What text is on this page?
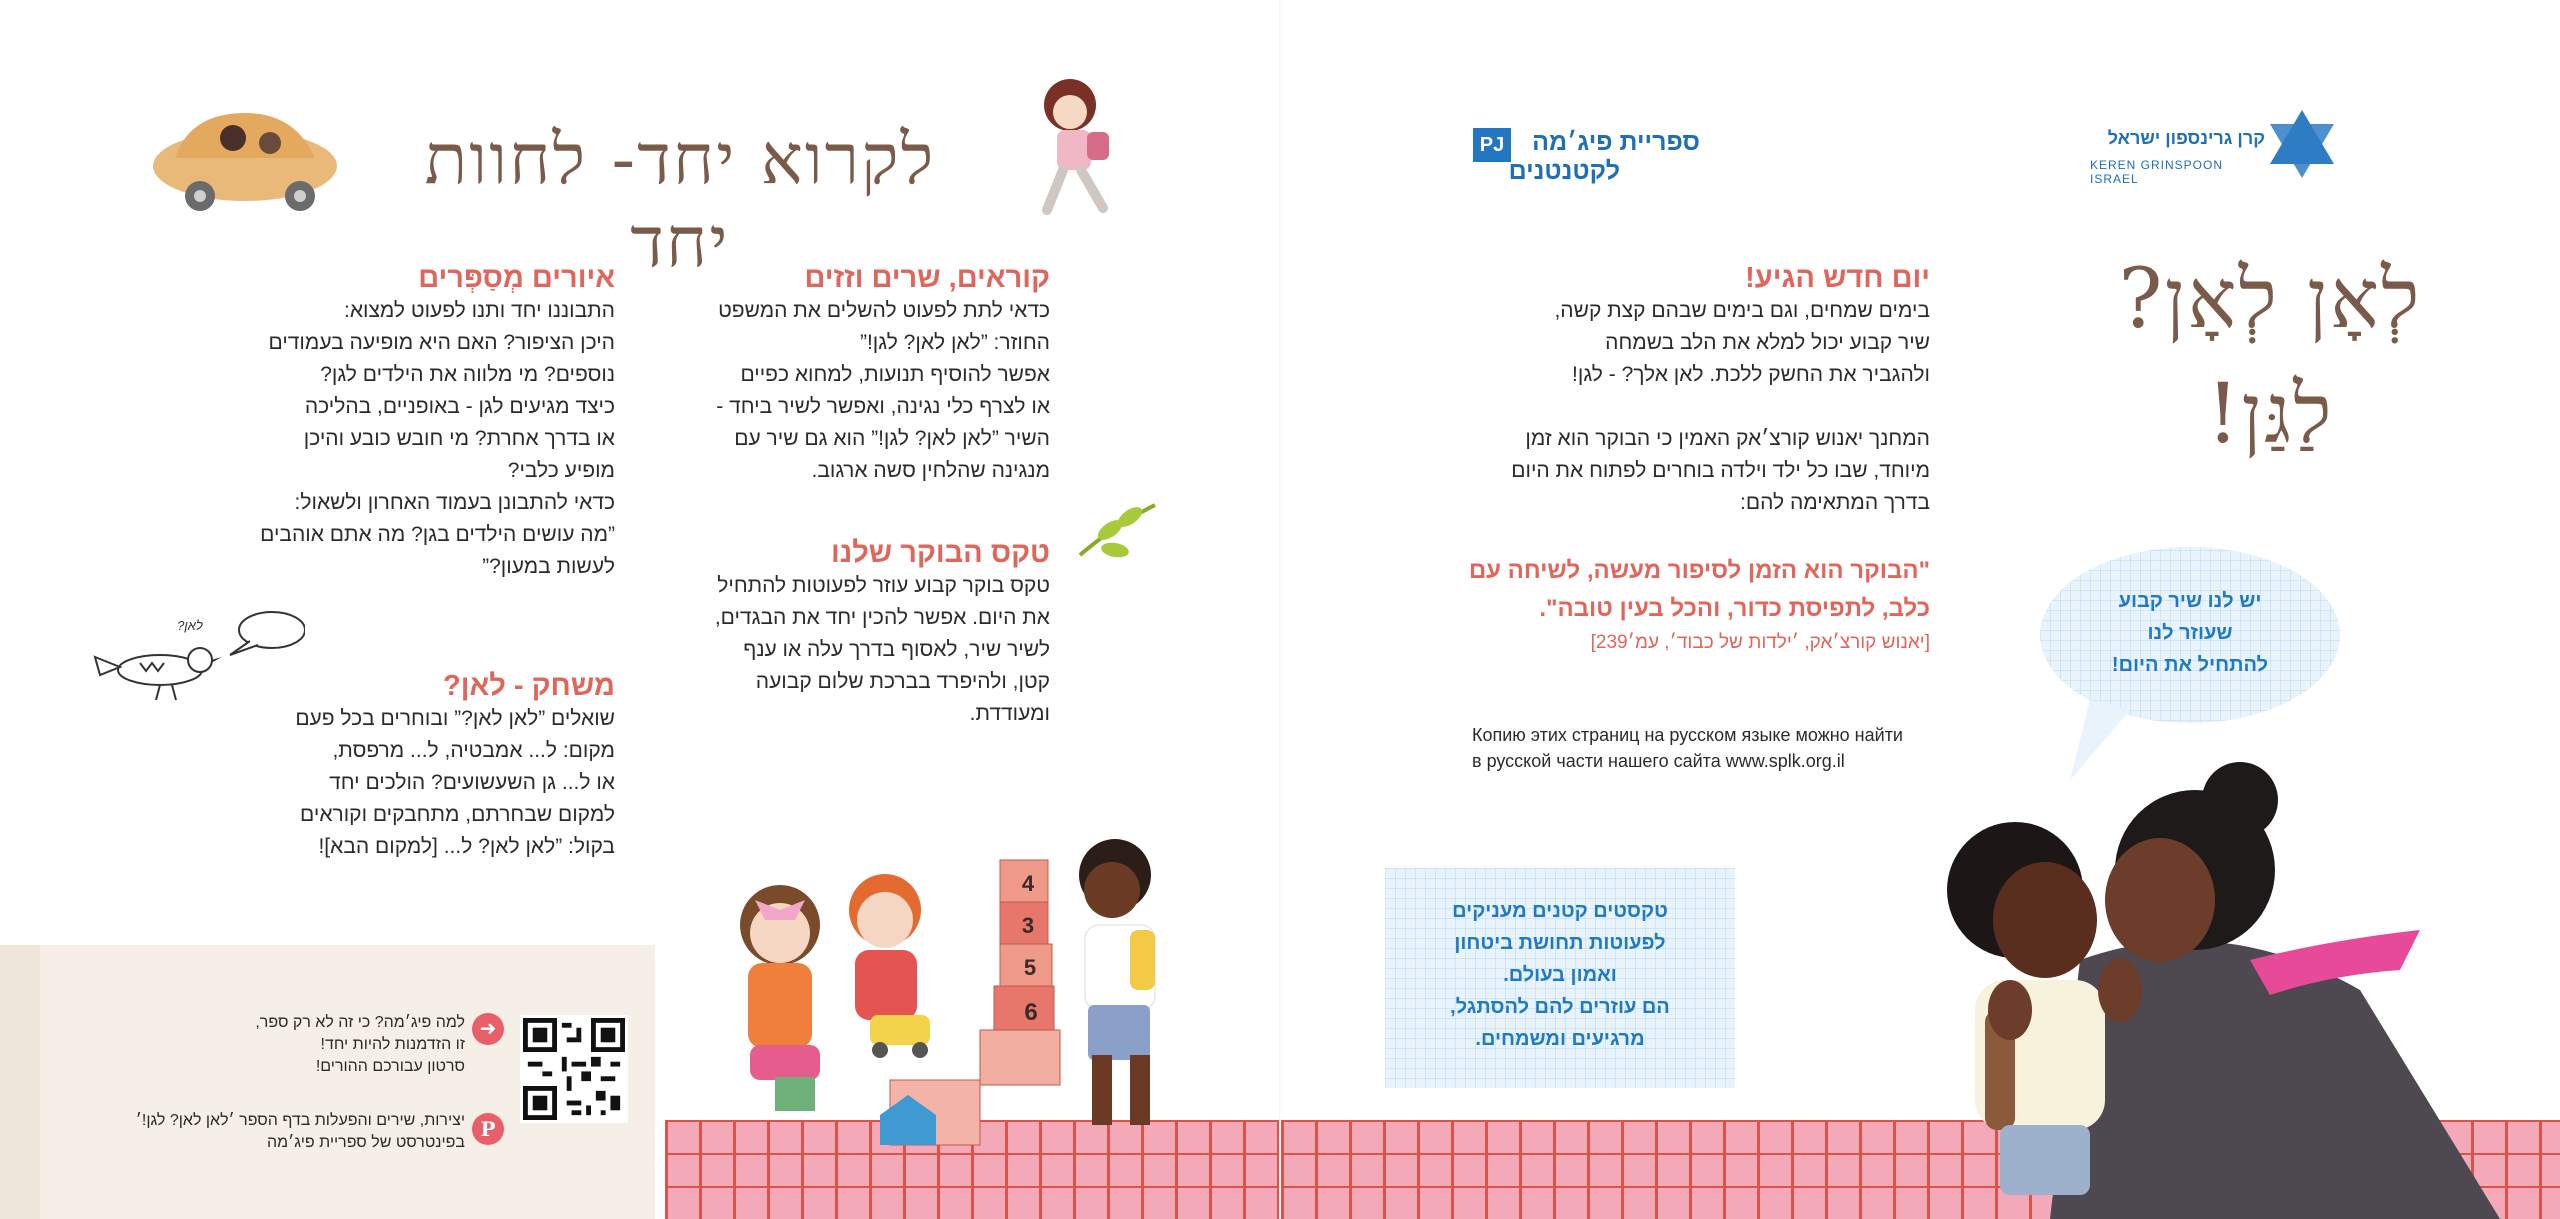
לקרוא יחד- לחוות יחד	קוראים, שרים וזזים

כדאי לתת לפעוט להשלים את המשפט

החוזר: ”לאן לאן? לגן!”

אפשר להוסיף תנועות, למחוא כפיים

או לצרף כלי נגינה, ואפשר לשיר ביחד -

השיר ”לאן לאן? לגן!” הוא גם שיר עם

מנגינה שהלחין סשה ארגוב.

טקס הבוקר שלנו

טקס בוקר קבוע עוזר לפעוטות להתחיל

את היום. אפשר להכין יחד את הבגדים,

לשיר שיר, לאסוף בדרך עלה או ענף

קטן, ולהיפרד בברכת שלום קבועה

ומעודדת.

איורים מְסַפְּרים

התבוננו יחד ותנו לפעוט למצוא:

היכן הציפור? האם היא מופיעה בעמודים

נוספים? מי מלווה את הילדים לגן?

כיצד מגיעים לגן - באופניים, בהליכה

או בדרך אחרת? מי חובש כובע והיכן

מופיע כלבי?

כדאי להתבונן בעמוד האחרון ולשאול:

”מה עושים הילדים בגן? מה אתם אוהבים

לעשות במעון?”

לאן?
משחק - לאן?

שואלים ”לאן לאן?” ובוחרים בכל פעם

מקום: ל... אמבטיה, ל... מרפסת,

או ל... גן השעשועים? הולכים יחד

למקום שבחרתם, מתחבקים וקוראים

בקול: ”לאן לאן? ל... [למקום הבא]!

למה פיג׳מה? כי זה לא רק ספר,
זו הזדמנות להיות יחד!
סרטון עבורכם ההורים!
➜
יצירות, שירים והפעלות בדף הספר ׳לאן לאן? לגן!׳
בפינטרסט של ספריית פיג׳מה
P
4
3
5
6
קרן גרינספון ישראל
KEREN GRINSPOON ISRAEL
PJ	ספריית פיג׳מה
לקטנטנים
לְאָן לְאָן?
לַגַּן!
יום חדש הגיע!

בימים שמחים, וגם בימים שבהם קצת קשה,

שיר קבוע יכול למלא את הלב בשמחה

ולהגביר את החשק ללכת. לאן אלך? - לגן!

המחנך יאנוש קורצ׳אק האמין כי הבוקר הוא זמן

מיוחד, שבו כל ילד וילדה בוחרים לפתוח את היום

בדרך המתאימה להם:

"הבוקר הוא הזמן לסיפור מעשה, לשיחה עם

כלב, לתפיסת כדור, והכל בעין טובה".

[יאנוש קורצ׳אק, ׳ילדות של כבוד׳, עמ׳239]

Копию этих страниц на русском языке можно найти
в русской части нашего сайта www.splk.org.il
יש לנו שיר קבוע
שעוזר לנו
להתחיל את היום!
טקסטים קטנים מעניקים
לפעוטות תחושת ביטחון
ואמון בעולם.
הם עוזרים להם להסתגל,
מרגיעים ומשמחים.
